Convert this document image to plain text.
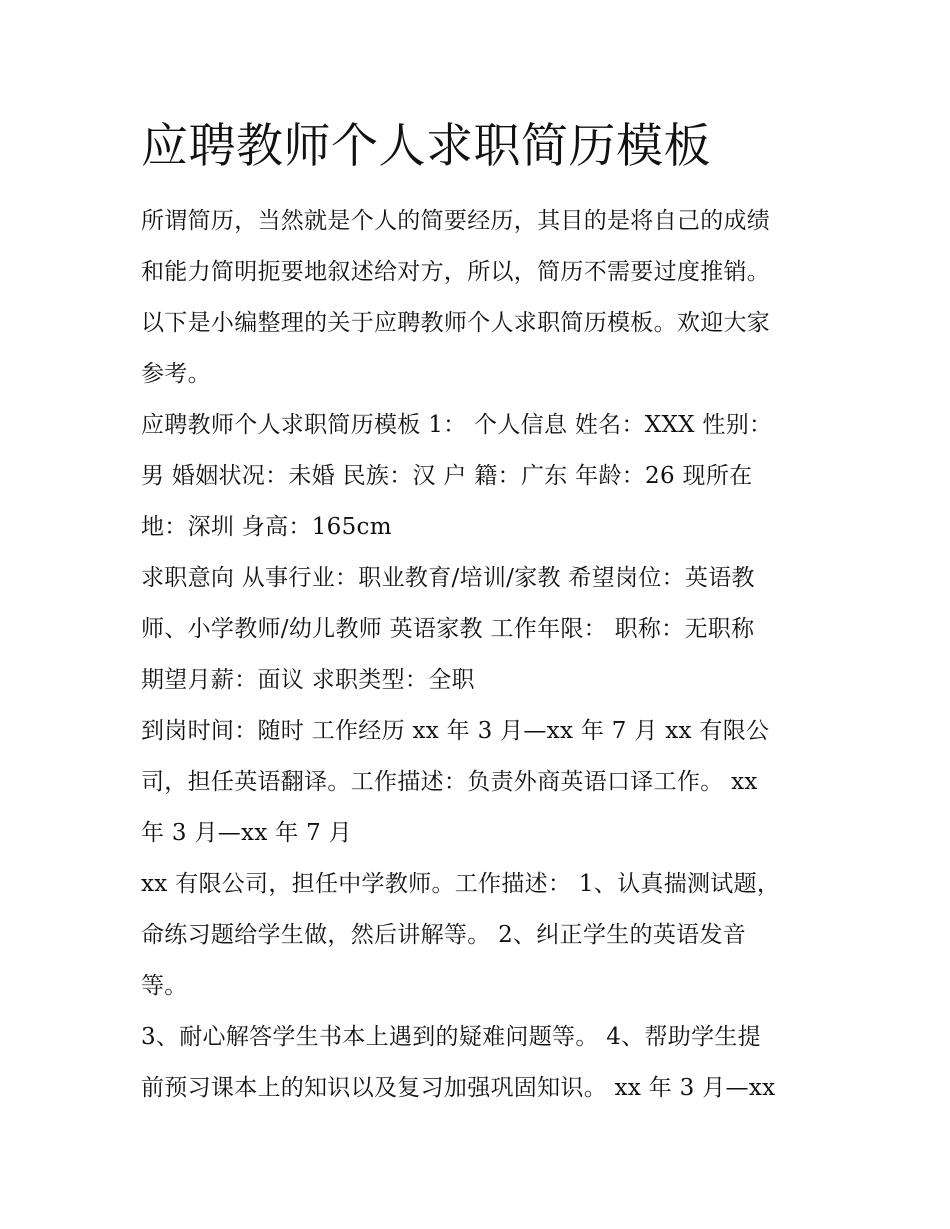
应聘教师个人求职简历模板
所谓简历，当然就是个人的简要经历，其目的是将自己的成绩
和能力简明扼要地叙述给对方，所以，简历不需要过度推销。
以下是小编整理的关于应聘教师个人求职简历模板。欢迎大家
参考。
应聘教师个人求职简历模板 1： 个人信息 姓名：XXX 性别：
男 婚姻状况：未婚 民族：汉 户 籍：广东 年龄：26 现所在
地：深圳 身高：165cm
求职意向 从事行业：职业教育/培训/家教 希望岗位：英语教
师、小学教师/幼儿教师 英语家教 工作年限： 职称：无职称
期望月薪：面议 求职类型：全职
到岗时间：随时 工作经历 xx 年 3 月—xx 年 7 月 xx 有限公
司，担任英语翻译。工作描述：负责外商英语口译工作。 xx
年 3 月—xx 年 7 月
xx 有限公司，担任中学教师。工作描述： 1、认真揣测试题，
命练习题给学生做，然后讲解等。 2、纠正学生的英语发音
等。
3、耐心解答学生书本上遇到的疑难问题等。 4、帮助学生提
前预习课本上的知识以及复习加强巩固知识。 xx 年 3 月—xx
